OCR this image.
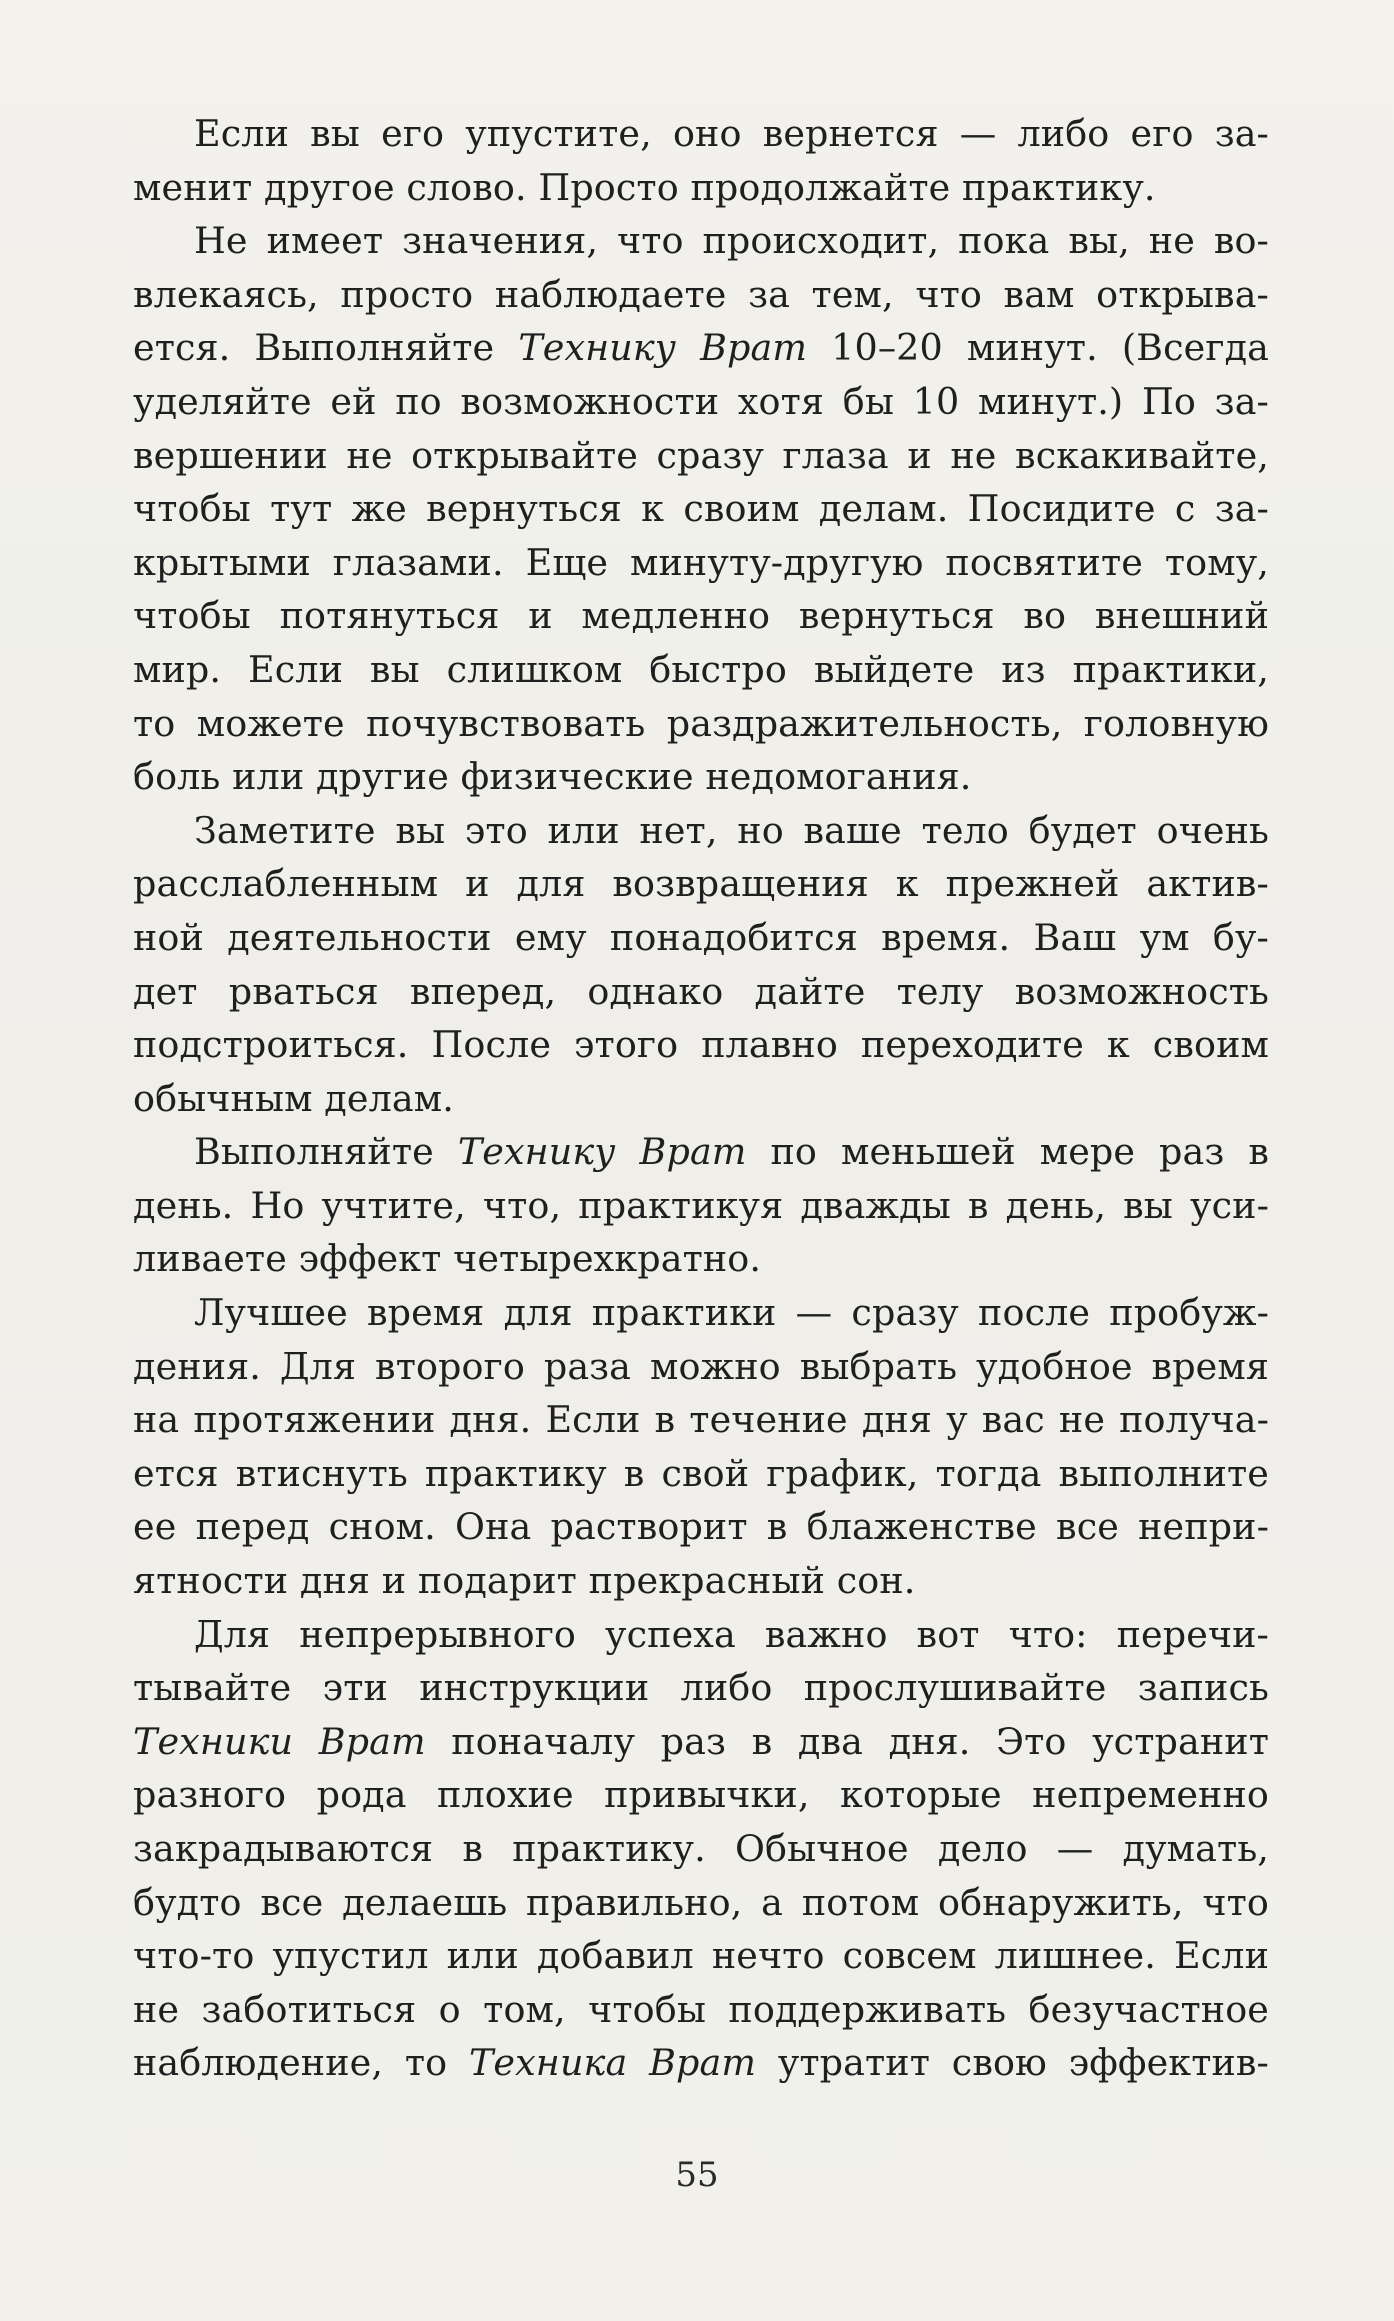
Если вы его упустите, оно вернется — либо его за-
менит другое слово. Просто продолжайте практику.
Не имеет значения, что происходит, пока вы, не во-
влекаясь, просто наблюдаете за тем, что вам открыва-
ется. Выполняйте Технику Врат 10–20 минут. (Всегда
уделяйте ей по возможности хотя бы 10 минут.) По за-
вершении не открывайте сразу глаза и не вскакивайте,
чтобы тут же вернуться к своим делам. Посидите с за-
крытыми глазами. Еще минуту-другую посвятите тому,
чтобы потянуться и медленно вернуться во внешний
мир. Если вы слишком быстро выйдете из практики,
то можете почувствовать раздражительность, головную
боль или другие физические недомогания.
Заметите вы это или нет, но ваше тело будет очень
расслабленным и для возвращения к прежней актив-
ной деятельности ему понадобится время. Ваш ум бу-
дет рваться вперед, однако дайте телу возможность
подстроиться. После этого плавно переходите к своим
обычным делам.
Выполняйте Технику Врат по меньшей мере раз в
день. Но учтите, что, практикуя дважды в день, вы уси-
ливаете эффект четырехкратно.
Лучшее время для практики — сразу после пробуж-
дения. Для второго раза можно выбрать удобное время
на протяжении дня. Если в течение дня у вас не получа-
ется втиснуть практику в свой график, тогда выполните
ее перед сном. Она растворит в блаженстве все непри-
ятности дня и подарит прекрасный сон.
Для непрерывного успеха важно вот что: перечи-
тывайте эти инструкции либо прослушивайте запись
Техники Врат поначалу раз в два дня. Это устранит
разного рода плохие привычки, которые непременно
закрадываются в практику. Обычное дело — думать,
будто все делаешь правильно, а потом обнаружить, что
что-то упустил или добавил нечто совсем лишнее. Если
не заботиться о том, чтобы поддерживать безучастное
наблюдение, то Техника Врат утратит свою эффектив-
55
